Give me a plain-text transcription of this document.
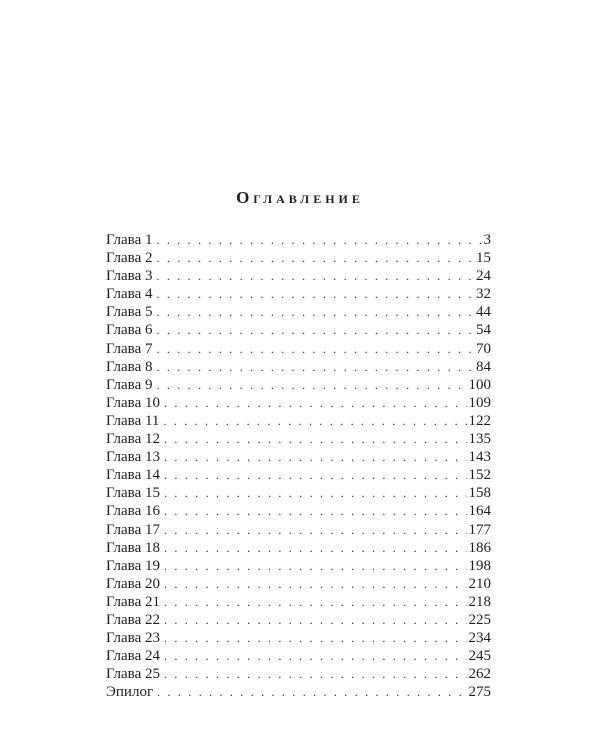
Оглавление
Глава 1 . . .	3
Глава 2 . . .	15
Глава 3 . . .	24
Глава 4 . . .	32
Глава 5 . . .	44
Глава 6 . . .	54
Глава 7 . . .	70
Глава 8 . . .	84
Глава 9 . . .	100
Глава 10 . . .	109
Глава 11 . . .	122
Глава 12 . . .	135
Глава 13 . . .	143
Глава 14 . . .	152
Глава 15 . . .	158
Глава 16 . . .	164
Глава 17 . . .	177
Глава 18 . . .	186
Глава 19 . . .	198
Глава 20 . . .	210
Глава 21 . . .	218
Глава 22 . . .	225
Глава 23 . . .	234
Глава 24 . . .	245
Глава 25 . . .	262
Эпилог . . .	275
